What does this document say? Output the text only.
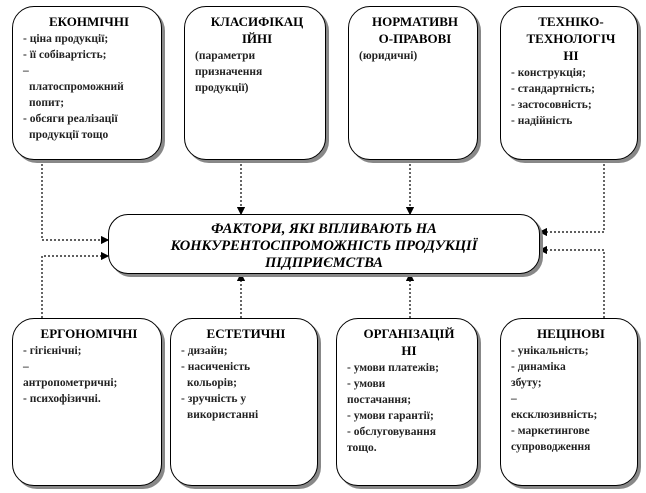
ЕКОНМІЧНІ
- ціна продукції;
- її собівартість;
–
платоспроможний
попит;
- обсяги реалізації
продукції тощо
КЛАСИФІКАЦ
ІЙНІ
(параметри
призначення
продукції)
НОРМАТИВН
О-ПРАВОВІ
(юридичні)
ТЕХНІКО-
ТЕХНОЛОГІЧ
НІ
- конструкція;
- стандартність;
- застосовність;
- надійність
ФАКТОРИ, ЯКІ ВПЛИВАЮТЬ НА
КОНКУРЕНТОСПРОМОЖНІСТЬ ПРОДУКЦІЇ
ПІДПРИЄМСТВА
ЕРГОНОМІЧНІ
- гігієнічні;
–
антропометричні;
- психофізичні.
ЕСТЕТИЧНІ
- дизайн;
- насиченість
кольорів;
- зручність у
використанні
ОРГАНІЗАЦІЙ
НІ
- умови платежів;
- умови
постачання;
- умови гарантії;
- обслуговування
тощо.
НЕЦІНОВІ
- унікальність;
- динаміка
збуту;
–
ексклюзивність;
- маркетингове
супроводження
